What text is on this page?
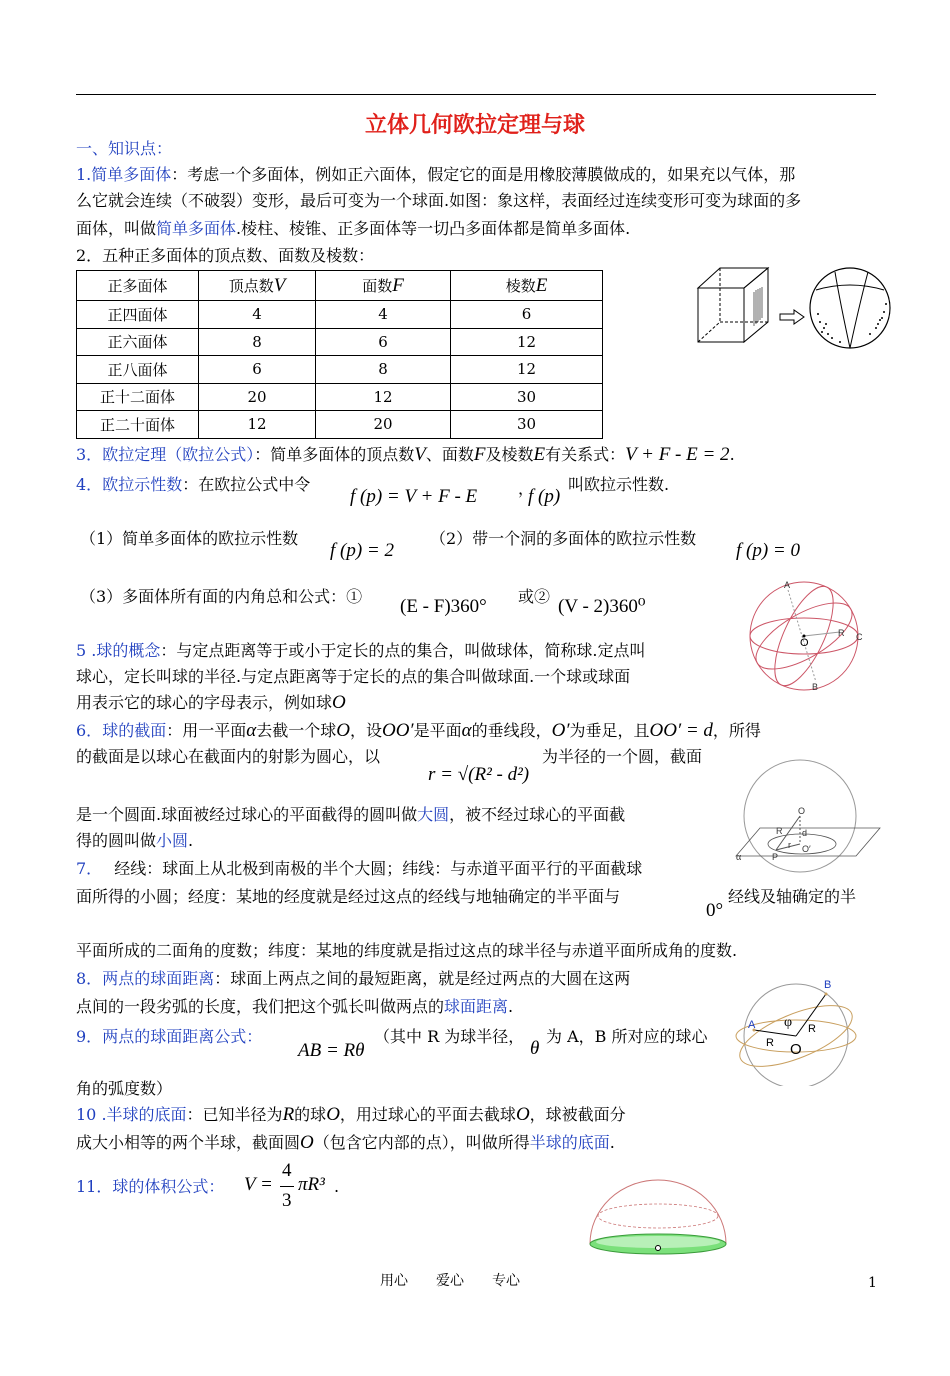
立体几何欧拉定理与球
一、知识点：
1.简单多面体：考虑一个多面体，例如正六面体，假定它的面是用橡胶薄膜做成的，如果充以气体，那
么它就会连续（不破裂）变形，最后可变为一个球面.如图：象这样，表面经过连续变形可变为球面的多
面体，叫做简单多面体.棱柱、棱锥、正多面体等一切凸多面体都是简单多面体.
2．五种正多面体的顶点数、面数及棱数：
正多面体	顶点数V	面数F	棱数E
正四面体	4	4	6
正六面体	8	6	12
正八面体	6	8	12
正十二面体	20	12	30
正二十面体	12	20	30
3．欧拉定理（欧拉公式）：简单多面体的顶点数V、面数F及棱数E有关系式：V + F - E = 2.
4．欧拉示性数：在欧拉公式中令
f (p) = V + F - E	，
f (p)
叫欧拉示性数.
（1）简单多面体的欧拉示性数
f (p) = 2
（2）带一个洞的多面体的欧拉示性数
f (p) = 0
（3）多面体所有面的内角总和公式：① (E - F)360° 或② (V - 2)360⁰
A
O
R C
B
5 .球的概念：与定点距离等于或小于定长的点的集合，叫做球体，简称球.定点叫
球心，定长叫球的半径.与定点距离等于定长的点的集合叫做球面.一个球或球面
用表示它的球心的字母表示，例如球O
6．球的截面：用一平面α去截一个球O，设OO′是平面α的垂线段，O′为垂足，且OO′ = d，所得
的截面是以球心在截面内的射影为圆心，以	为半径的一个圆，截面
r = √(R² - d²)
是一个圆面.球面被经过球心的平面截得的圆叫做大圆，被不经过球心的平面截
得的圆叫做小圆.
O
R d
r O′
P
α
7． 经线：球面上从北极到南极的半个大圆；纬线：与赤道平面平行的平面截球
面所得的小圆；经度：某地的经度就是经过这点的经线与地轴确定的半平面与
0°
经线及轴确定的半
平面所成的二面角的度数；纬度：某地的纬度就是指过这点的球半径与赤道平面所成角的度数.
8．两点的球面距离：球面上两点之间的最短距离，就是经过两点的大圆在这两
点间的一段劣弧的长度，我们把这个弧长叫做两点的球面距离.
B
A φ R
R O
9．两点的球面距离公式：
AB = Rθ
（其中 R 为球半径，
θ
为 A，B 所对应的球心
角的弧度数）
10 .半球的底面：已知半径为R的球O，用过球心的平面去截球O，球被截面分
成大小相等的两个半球，截面圆O（包含它内部的点），叫做所得半球的底面.
11．球的体积公式： V =
4
3
πR³ .
用心　　爱心　　专心	1
